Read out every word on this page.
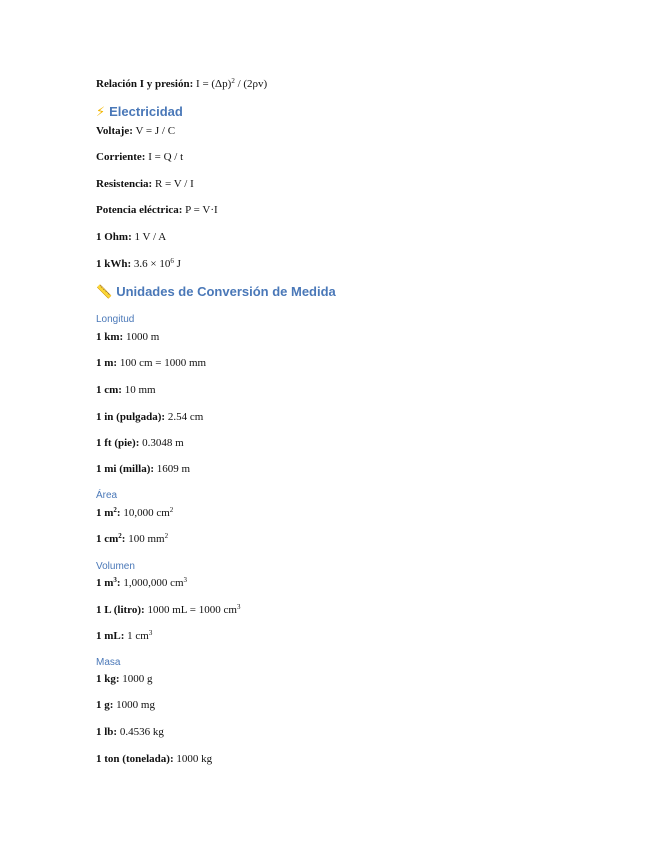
Relación I y presión: $I = (\Delta p)^2 / (2\rho v)$
⚡ Electricidad
Voltaje: V = J / C
Corriente: I = Q / t
Resistencia: R = V / I
Potencia eléctrica: P = V·I
1 Ohm: 1 V / A
1 kWh: $3.6 \times 10^6$ J
📏 Unidades de Conversión de Medida
Longitud
1 km: 1000 m
1 m: 100 cm = 1000 mm
1 cm: 10 mm
1 in (pulgada): 2.54 cm
1 ft (pie): 0.3048 m
1 mi (milla): 1609 m
Área
1 $m^2$: 10,000 $cm^2$
1 $cm^2$: 100 $mm^2$
Volumen
1 $m^3$: 1,000,000 $cm^3$
1 L (litro): 1000 mL = 1000 $cm^3$
1 mL: 1 $cm^3$
Masa
1 kg: 1000 g
1 g: 1000 mg
1 lb: 0.4536 kg
1 ton (tonelada): 1000 kg
